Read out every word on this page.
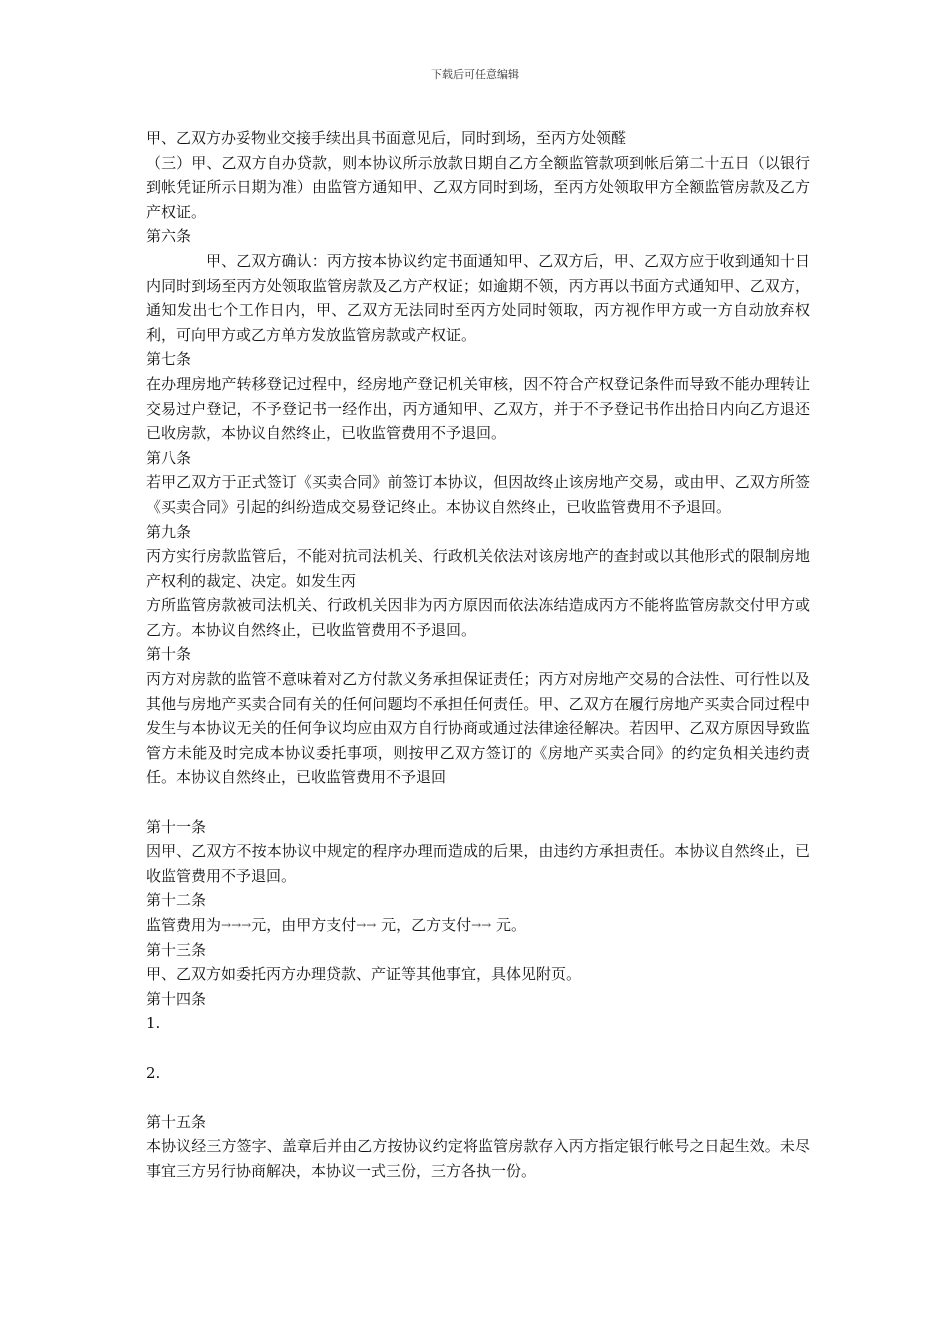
下载后可任意编辑

甲、乙双方办妥物业交接手续出具书面意见后，同时到场，至丙方处领醛

（三）甲、乙双方自办贷款，则本协议所示放款日期自乙方全额监管款项到帐后第二十五日（以银行到帐凭证所示日期为准）由监管方通知甲、乙双方同时到场，至丙方处领取甲方全额监管房款及乙方产权证。

第六条

甲、乙双方确认：丙方按本协议约定书面通知甲、乙双方后，甲、乙双方应于收到通知十日内同时到场至丙方处领取监管房款及乙方产权证；如逾期不领，丙方再以书面方式通知甲、乙双方，通知发出七个工作日内，甲、乙双方无法同时至丙方处同时领取，丙方视作甲方或一方自动放弃权利，可向甲方或乙方单方发放监管房款或产权证。

第七条

在办理房地产转移登记过程中，经房地产登记机关审核，因不符合产权登记条件而导致不能办理转让交易过户登记，不予登记书一经作出，丙方通知甲、乙双方，并于不予登记书作出拾日内向乙方退还已收房款，本协议自然终止，已收监管费用不予退回。

第八条

若甲乙双方于正式签订《买卖合同》前签订本协议，但因故终止该房地产交易，或由甲、乙双方所签《买卖合同》引起的纠纷造成交易登记终止。本协议自然终止，已收监管费用不予退回。

第九条

丙方实行房款监管后，不能对抗司法机关、行政机关依法对该房地产的查封或以其他形式的限制房地产权利的裁定、决定。如发生丙

方所监管房款被司法机关、行政机关因非为丙方原因而依法冻结造成丙方不能将监管房款交付甲方或乙方。本协议自然终止，已收监管费用不予退回。

第十条

丙方对房款的监管不意味着对乙方付款义务承担保证责任；丙方对房地产交易的合法性、可行性以及其他与房地产买卖合同有关的任何问题均不承担任何责任。甲、乙双方在履行房地产买卖合同过程中发生与本协议无关的任何争议均应由双方自行协商或通过法律途径解决。若因甲、乙双方原因导致监管方未能及时完成本协议委托事项，则按甲乙双方签订的《房地产买卖合同》的约定负相关违约责任。本协议自然终止，已收监管费用不予退回

第十一条

因甲、乙双方不按本协议中规定的程序办理而造成的后果，由违约方承担责任。本协议自然终止，已收监管费用不予退回。

第十二条

监管费用为→→→元，由甲方支付→→ 元，乙方支付→→ 元。

第十三条

甲、乙双方如委托丙方办理贷款、产证等其他事宜，具体见附页。

第十四条

1.

2.

第十五条

本协议经三方签字、盖章后并由乙方按协议约定将监管房款存入丙方指定银行帐号之日起生效。未尽事宜三方另行协商解决，本协议一式三份，三方各执一份。
